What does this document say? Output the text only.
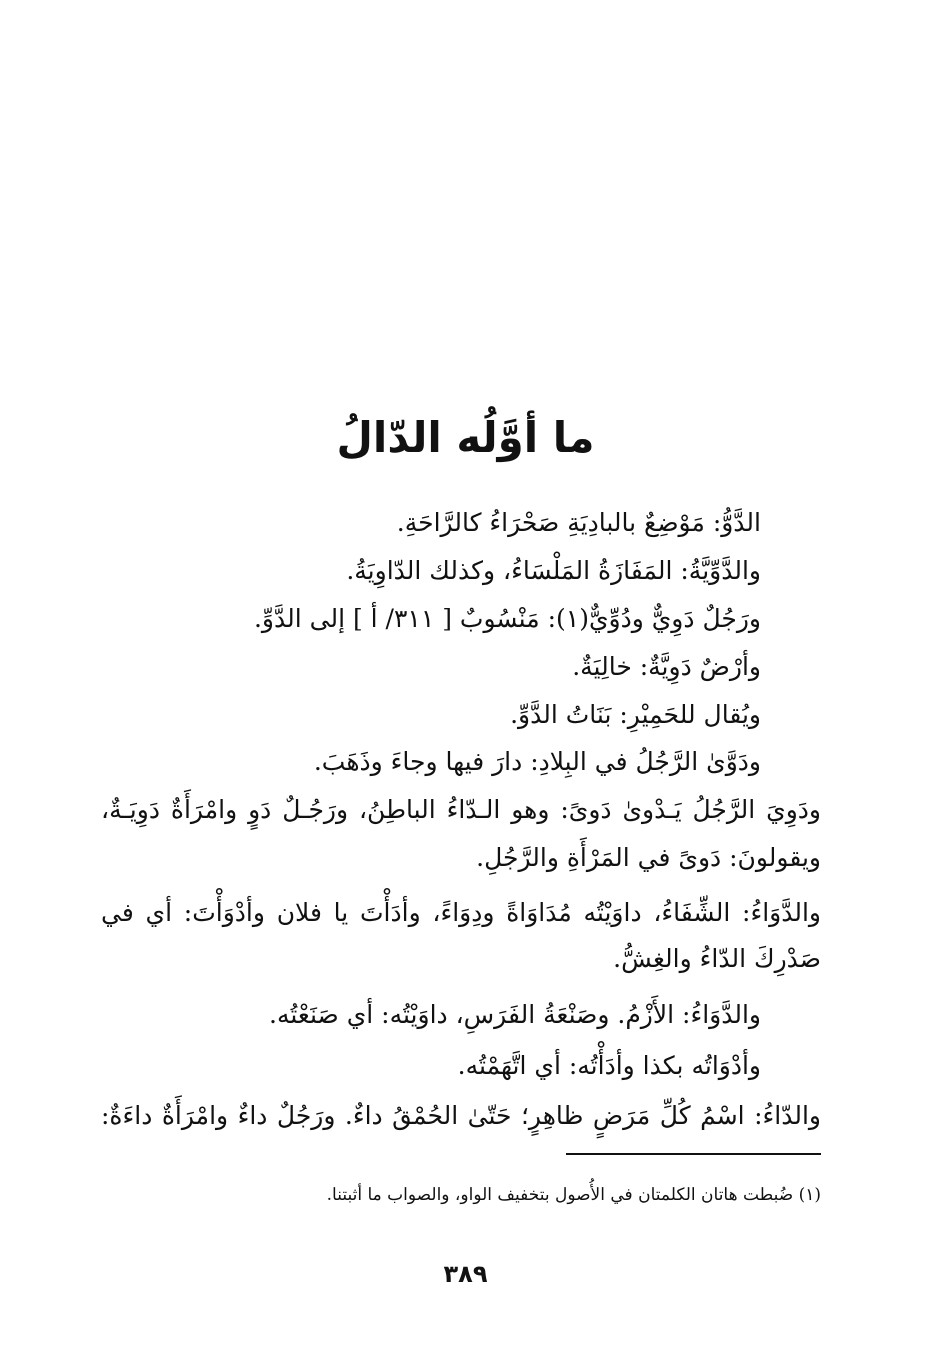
ما أوَّلُه الدّالُ

الدَّوُّ: مَوْضِعٌ بالبادِيَةِ صَحْرَاءُ كالرَّاحَةِ.

والدَّوِّيَّةُ: المَفَازَةُ المَلْسَاءُ، وكذلك الدّاوِيَةُ.

ورَجُلٌ دَوِيٌّ ودُوِّيٌّ(١): مَنْسُوبٌ [ ٣١١/ أ ] إلى الدَّوِّ.

وأرْضٌ دَوِيَّةٌ: خالِيَةٌ.

ويُقال للحَمِيْرِ: بَنَاتُ الدَّوِّ.

ودَوَّىٰ الرَّجُلُ في البِلادِ: دارَ فيها وجاءَ وذَهَبَ.

ودَوِيَ الرَّجُلُ يَـدْوىٰ دَوىً: وهو الـدّاءُ الباطِنُ، ورَجُـلٌ دَوٍ وامْرَأَةٌ دَوِيَـةٌ،

ويقولونَ: دَوىً في المَرْأَةِ والرَّجُلِ.

والدَّوَاءُ: الشِّفَاءُ، داوَيْتُه مُدَاوَاةً ودِوَاءً، وأدَأْتَ يا فلان وأدْوَأْتَ: أي في

صَدْرِكَ الدّاءُ والغِشُّ.

والدَّوَاءُ: الأَزْمُ. وصَنْعَةُ الفَرَسِ، داوَيْتُه: أي صَنَعْتُه.

وأدْوَاتُه بكذا وأدَأْتُه: أي اتَّهَمْتُه.

والدّاءُ: اسْمُ كُلِّ مَرَضٍ ظاهِرٍ؛ حَتّىٰ الحُمْقُ داءٌ. ورَجُلٌ داءٌ وامْرَأَةٌ داءَةٌ:

(١) ضُبطت هاتان الكلمتان في الأُصول بتخفيف الواو، والصواب ما أثبتنا.

٣٨٩
